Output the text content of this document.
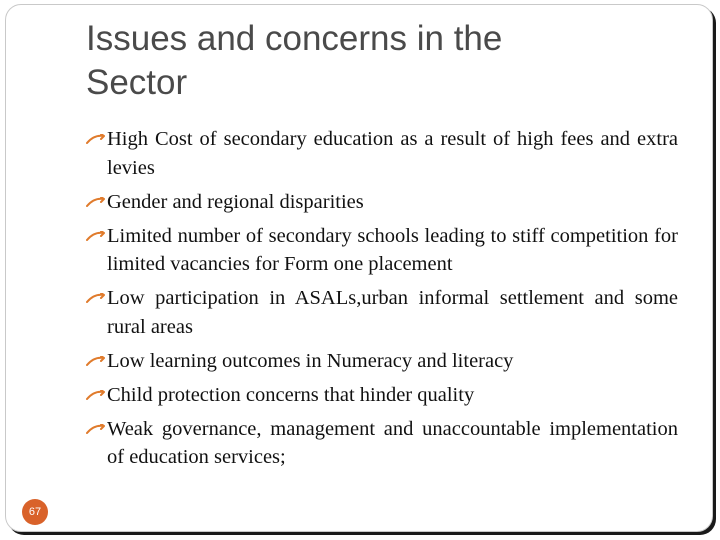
Issues and concerns in the
Sector
High Cost of secondary education as a result of high fees and extra levies
Gender and regional disparities
Limited number of secondary schools leading to stiff competition for limited vacancies for Form one placement
Low participation in ASALs,urban informal settlement and some rural areas
Low learning outcomes in Numeracy and literacy
Child protection concerns that hinder quality
Weak governance, management and unaccountable implementation of education services;
67
